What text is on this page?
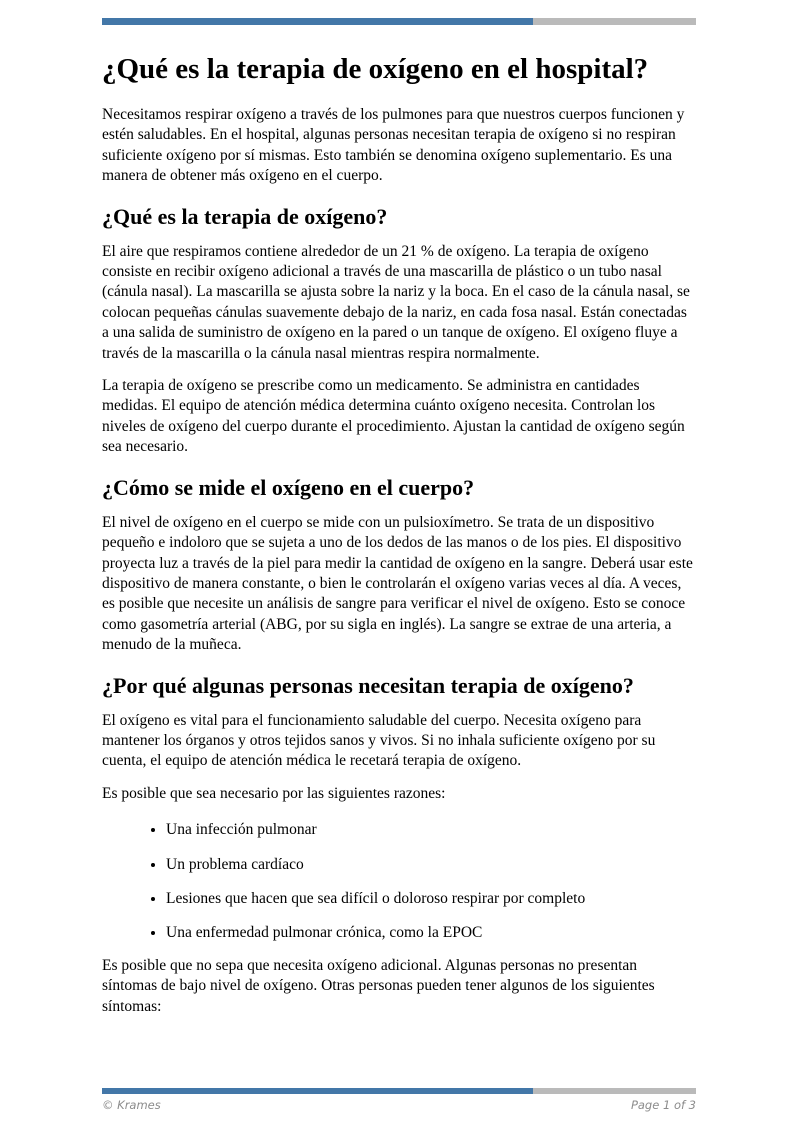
¿Qué es la terapia de oxígeno en el hospital?

Necesitamos respirar oxígeno a través de los pulmones para que nuestros cuerpos funcionen y estén saludables. En el hospital, algunas personas necesitan terapia de oxígeno si no respiran suficiente oxígeno por sí mismas. Esto también se denomina oxígeno suplementario. Es una manera de obtener más oxígeno en el cuerpo.

¿Qué es la terapia de oxígeno?

El aire que respiramos contiene alrededor de un 21 % de oxígeno. La terapia de oxígeno consiste en recibir oxígeno adicional a través de una mascarilla de plástico o un tubo nasal (cánula nasal). La mascarilla se ajusta sobre la nariz y la boca. En el caso de la cánula nasal, se colocan pequeñas cánulas suavemente debajo de la nariz, en cada fosa nasal. Están conectadas a una salida de suministro de oxígeno en la pared o un tanque de oxígeno. El oxígeno fluye a través de la mascarilla o la cánula nasal mientras respira normalmente.

La terapia de oxígeno se prescribe como un medicamento. Se administra en cantidades medidas. El equipo de atención médica determina cuánto oxígeno necesita. Controlan los niveles de oxígeno del cuerpo durante el procedimiento. Ajustan la cantidad de oxígeno según sea necesario.

¿Cómo se mide el oxígeno en el cuerpo?

El nivel de oxígeno en el cuerpo se mide con un pulsioxímetro. Se trata de un dispositivo pequeño e indoloro que se sujeta a uno de los dedos de las manos o de los pies. El dispositivo proyecta luz a través de la piel para medir la cantidad de oxígeno en la sangre. Deberá usar este dispositivo de manera constante, o bien le controlarán el oxígeno varias veces al día. A veces, es posible que necesite un análisis de sangre para verificar el nivel de oxígeno. Esto se conoce como gasometría arterial (ABG, por su sigla en inglés). La sangre se extrae de una arteria, a menudo de la muñeca.

¿Por qué algunas personas necesitan terapia de oxígeno?

El oxígeno es vital para el funcionamiento saludable del cuerpo. Necesita oxígeno para mantener los órganos y otros tejidos sanos y vivos. Si no inhala suficiente oxígeno por su cuenta, el equipo de atención médica le recetará terapia de oxígeno.

Es posible que sea necesario por las siguientes razones:

• Una infección pulmonar
• Un problema cardíaco
• Lesiones que hacen que sea difícil o doloroso respirar por completo
• Una enfermedad pulmonar crónica, como la EPOC

Es posible que no sepa que necesita oxígeno adicional. Algunas personas no presentan síntomas de bajo nivel de oxígeno. Otras personas pueden tener algunos de los siguientes síntomas:

© Krames	Page 1 of 3
